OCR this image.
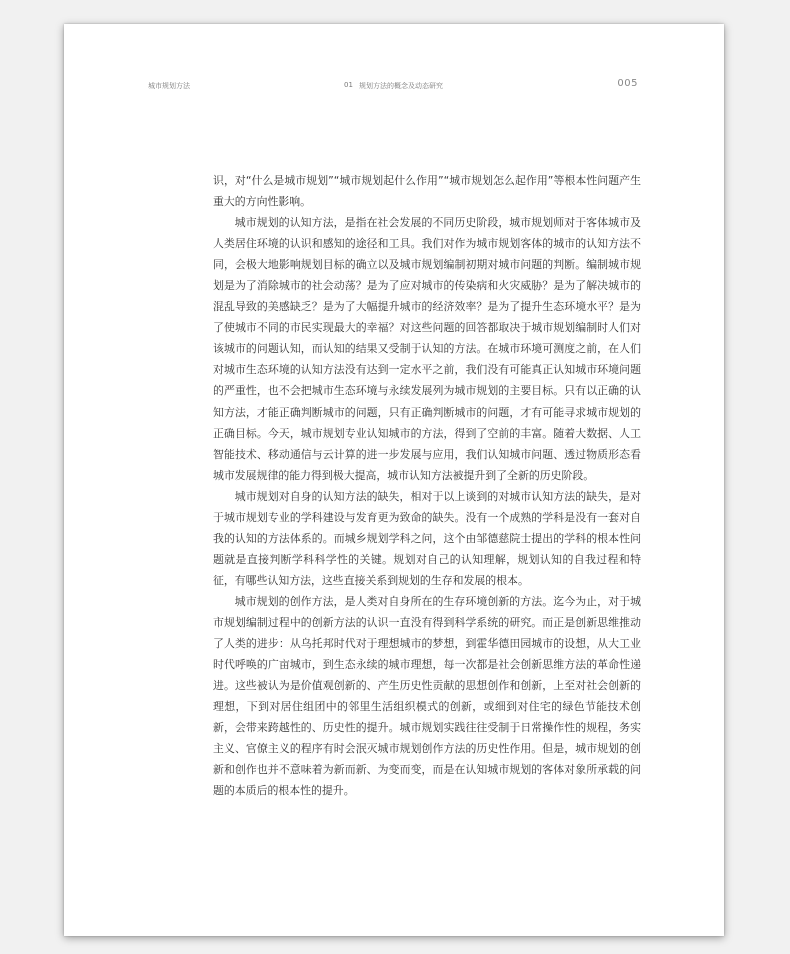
城市规划方法	01 规划方法的概念及动态研究	005

识，对“什么是城市规划”“城市规划起什么作用”“城市规划怎么起作用”等根本性问题产生重大的方向性影响。

城市规划的认知方法，是指在社会发展的不同历史阶段，城市规划师对于客体城市及人类居住环境的认识和感知的途径和工具。我们对作为城市规划客体的城市的认知方法不同，会极大地影响规划目标的确立以及城市规划编制初期对城市问题的判断。编制城市规划是为了消除城市的社会动荡？是为了应对城市的传染病和火灾威胁？是为了解决城市的混乱导致的美感缺乏？是为了大幅提升城市的经济效率？是为了提升生态环境水平？是为了使城市不同的市民实现最大的幸福？对这些问题的回答都取决于城市规划编制时人们对该城市的问题认知，而认知的结果又受制于认知的方法。在城市环境可测度之前，在人们对城市生态环境的认知方法没有达到一定水平之前，我们没有可能真正认知城市环境问题的严重性，也不会把城市生态环境与永续发展列为城市规划的主要目标。只有以正确的认知方法，才能正确判断城市的问题，只有正确判断城市的问题，才有可能寻求城市规划的正确目标。今天，城市规划专业认知城市的方法，得到了空前的丰富。随着大数据、人工智能技术、移动通信与云计算的进一步发展与应用，我们认知城市问题、透过物质形态看城市发展规律的能力得到极大提高，城市认知方法被提升到了全新的历史阶段。

城市规划对自身的认知方法的缺失，相对于以上谈到的对城市认知方法的缺失，是对于城市规划专业的学科建设与发育更为致命的缺失。没有一个成熟的学科是没有一套对自我的认知的方法体系的。而城乡规划学科之问，这个由邹德慈院士提出的学科的根本性问题就是直接判断学科科学性的关键。规划对自己的认知理解，规划认知的自我过程和特征，有哪些认知方法，这些直接关系到规划的生存和发展的根本。

城市规划的创作方法，是人类对自身所在的生存环境创新的方法。迄今为止，对于城市规划编制过程中的创新方法的认识一直没有得到科学系统的研究。而正是创新思维推动了人类的进步：从乌托邦时代对于理想城市的梦想，到霍华德田园城市的设想，从大工业时代呼唤的广亩城市，到生态永续的城市理想，每一次都是社会创新思维方法的革命性递进。这些被认为是价值观创新的、产生历史性贡献的思想创作和创新，上至对社会创新的理想，下到对居住组团中的邻里生活组织模式的创新，或细到对住宅的绿色节能技术创新，会带来跨越性的、历史性的提升。城市规划实践往往受制于日常操作性的规程，务实主义、官僚主义的程序有时会泯灭城市规划创作方法的历史性作用。但是，城市规划的创新和创作也并不意味着为新而新、为变而变，而是在认知城市规划的客体对象所承载的问题的本质后的根本性的提升。
